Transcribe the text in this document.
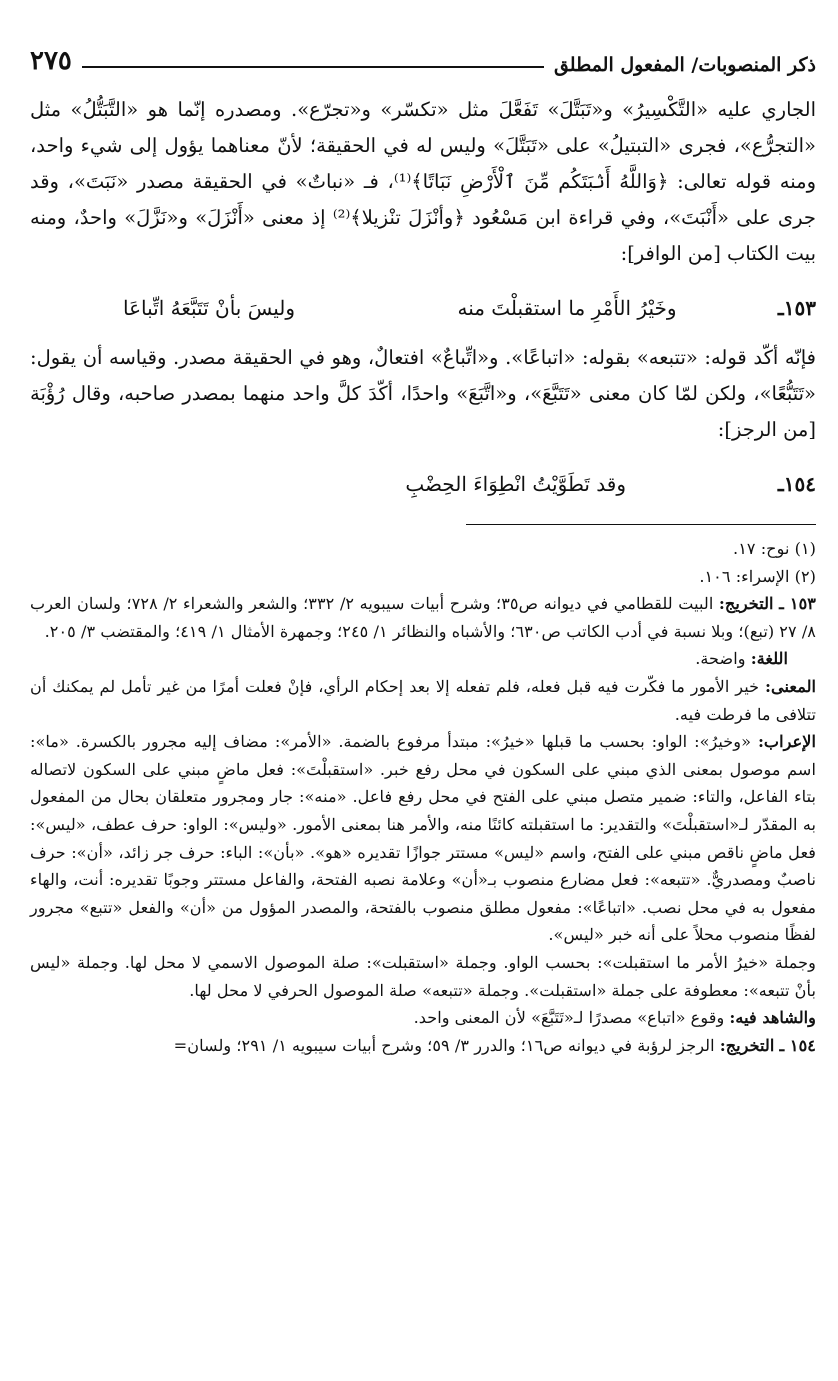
ذكر المنصوبات/ المفعول المطلق
٢٧٥

الجاري عليه «التَّكْسِيرُ» و«تَبَتَّلَ» تَفَعَّلَ مثل «تكسّر» و«تجرّع». ومصدره إنّما هو «التَّبَتُّلُ» مثل «التجرُّع»، فجرى «التبتيلُ» على «تَبَتَّلَ» وليس له في الحقيقة؛ لأنّ معناهما يؤول إلى شيء واحد، ومنه قوله تعالى: ﴿وَاللَّهُ أَنۢبَتَكُم مِّنَ ٱلْأَرْضِ نَبَاتًا﴾⁽¹⁾، فـ «نباتٌ» في الحقيقة مصدر «نَبَتَ»، وقد جرى على «أَنْبَتَ»، وفي قراءة ابن مَسْعُود ﴿وأنْزَلَ تنْزيلا﴾⁽²⁾ إذ معنى «أَنْزَلَ» و«نَزَّلَ» واحدٌ، ومنه بيت الكتاب [من الوافر]:

١٥٣ـ
وخَيْرُ الأَمْرِ ما استقبلْتَ منه
وليسَ بأنْ تَتَبَّعَهُ اتِّباعَا

فإنّه أكّد قوله: «تتبعه» بقوله: «اتباعًا». و«اتِّباعٌ» افتعالٌ، وهو في الحقيقة مصدر. وقياسه أن يقول: «تَتَبُّعًا»، ولكن لمّا كان معنى «تَتَبَّعَ»، و«اتَّبَعَ» واحدًا، أكّدَ كلَّ واحد منهما بمصدر صاحبه، وقال رُؤْبَة [من الرجز]:

١٥٤ـ
وقد تَطَوَّيْتُ انْطِوَاءَ الحِضْبِ

(١) نوح: ١٧.

(٢) الإسراء: ١٠٦.

١٥٣ ـ التخريج: البيت للقطامي في ديوانه ص٣٥؛ وشرح أبيات سيبويه ٢/ ٣٣٢؛ والشعر والشعراء ٢/ ٧٢٨؛ ولسان العرب ٨/ ٢٧ (تبع)؛ وبلا نسبة في أدب الكاتب ص٦٣٠؛ والأشباه والنظائر ١/ ٢٤٥؛ وجمهرة الأمثال ١/ ٤١٩؛ والمقتضب ٣/ ٢٠٥.

اللغة: واضحة.

المعنى: خير الأمور ما فكّرت فيه قبل فعله، فلم تفعله إلا بعد إحكام الرأي، فإنْ فعلت أمرًا من غير تأمل لم يمكنك أن تتلافى ما فرطت فيه.

الإعراب: «وخيرُ»: الواو: بحسب ما قبلها «خيرُ»: مبتدأ مرفوع بالضمة. «الأمر»: مضاف إليه مجرور بالكسرة. «ما»: اسم موصول بمعنى الذي مبني على السكون في محل رفع خبر. «استقبلْتَ»: فعل ماضٍ مبني على السكون لاتصاله بتاء الفاعل، والتاء: ضمير متصل مبني على الفتح في محل رفع فاعل. «منه»: جار ومجرور متعلقان بحال من المفعول به المقدّر لـ«استقبلْتَ» والتقدير: ما استقبلته كائنًا منه، والأمر هنا بمعنى الأمور. «وليس»: الواو: حرف عطف، «ليس»: فعل ماضٍ ناقص مبني على الفتح، واسم «ليس» مستتر جوازًا تقديره «هو». «بأن»: الباء: حرف جر زائد، «أن»: حرف ناصبٌ ومصدريٌّ. «تتبعه»: فعل مضارع منصوب بـ«أن» وعلامة نصبه الفتحة، والفاعل مستتر وجوبًا تقديره: أنت، والهاء مفعول به في محل نصب. «اتباعًا»: مفعول مطلق منصوب بالفتحة، والمصدر المؤول من «أن» والفعل «تتبع» مجرور لفظًا منصوب محلاً على أنه خبر «ليس».

وجملة «خيرُ الأمر ما استقبلت»: بحسب الواو. وجملة «استقبلت»: صلة الموصول الاسمي لا محل لها. وجملة «ليس بأنْ تتبعه»: معطوفة على جملة «استقبلت». وجملة «تتبعه» صلة الموصول الحرفي لا محل لها.

والشاهد فيه: وقوع «اتباع» مصدرًا لـ«تَتَبَّعَ» لأن المعنى واحد.

١٥٤ ـ التخريج: الرجز لرؤبة في ديوانه ص١٦؛ والدرر ٣/ ٥٩؛ وشرح أبيات سيبويه ١/ ٢٩١؛ ولسان=
